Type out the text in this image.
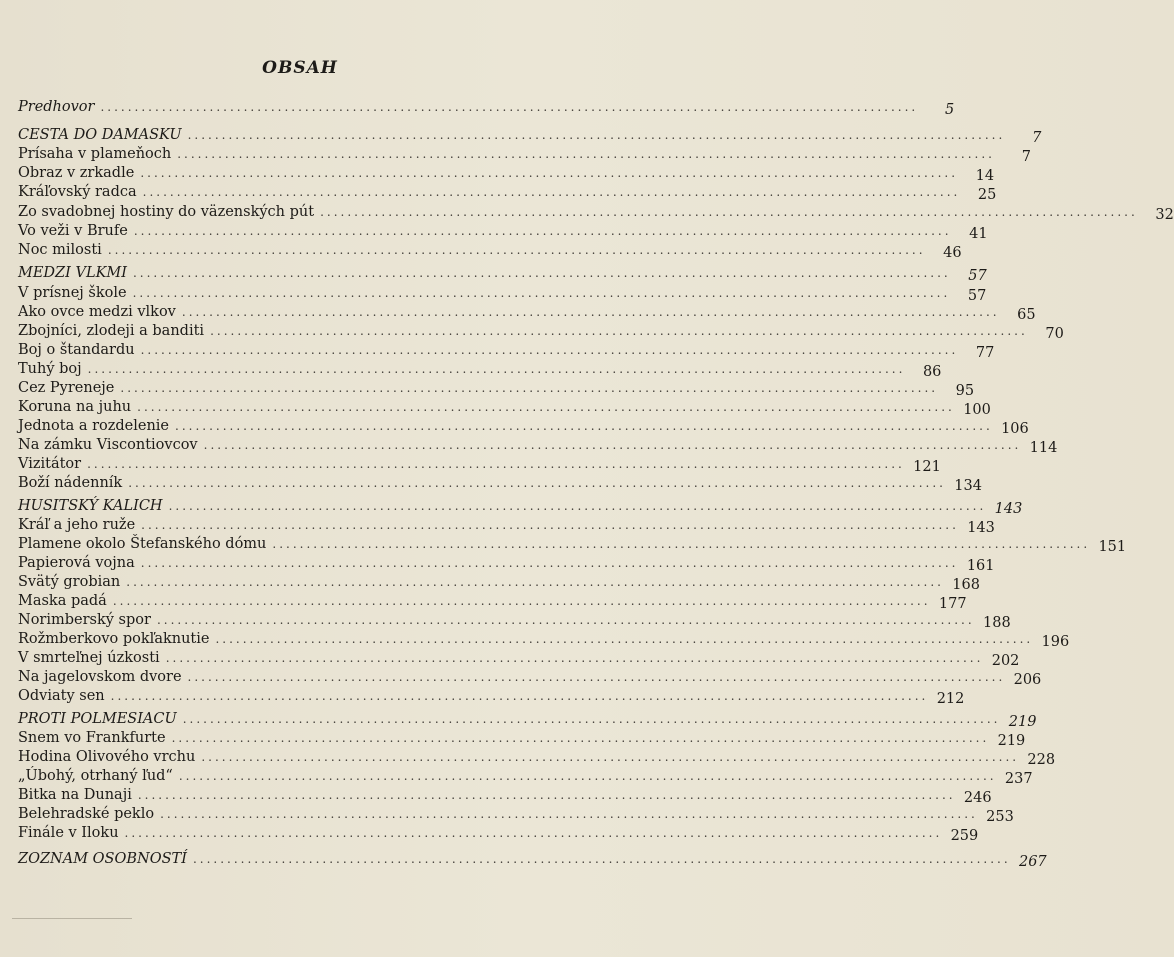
OBSAH
Predhovor ........................................................................................................................	5
CESTA DO DAMASKU ........................................................................................................................	7
Prísaha v plameňoch ........................................................................................................................	7
Obraz v zrkadle ........................................................................................................................	14
Kráľovský radca ........................................................................................................................	25
Zo svadobnej hostiny do väzenských pút ........................................................................................................................	32
Vo veži v Brufe ........................................................................................................................	41
Noc milosti ........................................................................................................................	46
MEDZI VLKMI ........................................................................................................................	57
V prísnej škole ........................................................................................................................	57
Ako ovce medzi vlkov ........................................................................................................................	65
Zbojníci, zlodeji a banditi ........................................................................................................................	70
Boj o štandardu ........................................................................................................................	77
Tuhý boj ........................................................................................................................	86
Cez Pyreneje ........................................................................................................................	95
Koruna na juhu ........................................................................................................................ 100
Jednota a rozdelenie ........................................................................................................................ 106
Na zámku Viscontiovcov ........................................................................................................................ 114
Vizitátor ........................................................................................................................ 121
Boží nádenník ........................................................................................................................ 134
HUSITSKÝ KALICH ........................................................................................................................ 143
Kráľ a jeho ruže ........................................................................................................................ 143
Plamene okolo Štefanského dómu ........................................................................................................................ 151
Papierová vojna ........................................................................................................................ 161
Svätý grobian ........................................................................................................................ 168
Maska padá ........................................................................................................................ 177
Norimberský spor ........................................................................................................................ 188
Rožmberkovo pokľaknutie ........................................................................................................................ 196
V smrteľnej úzkosti ........................................................................................................................ 202
Na jagelovskom dvore ........................................................................................................................ 206
Odviaty sen ........................................................................................................................ 212
PROTI POLMESIACU ........................................................................................................................ 219
Snem vo Frankfurte ........................................................................................................................ 219
Hodina Olivového vrchu ........................................................................................................................ 228
„Úbohý, otrhaný ľud“ ........................................................................................................................ 237
Bitka na Dunaji ........................................................................................................................ 246
Belehradské peklo ........................................................................................................................ 253
Finále v Iloku ........................................................................................................................ 259
ZOZNAM OSOBNOSTÍ ........................................................................................................................ 267
